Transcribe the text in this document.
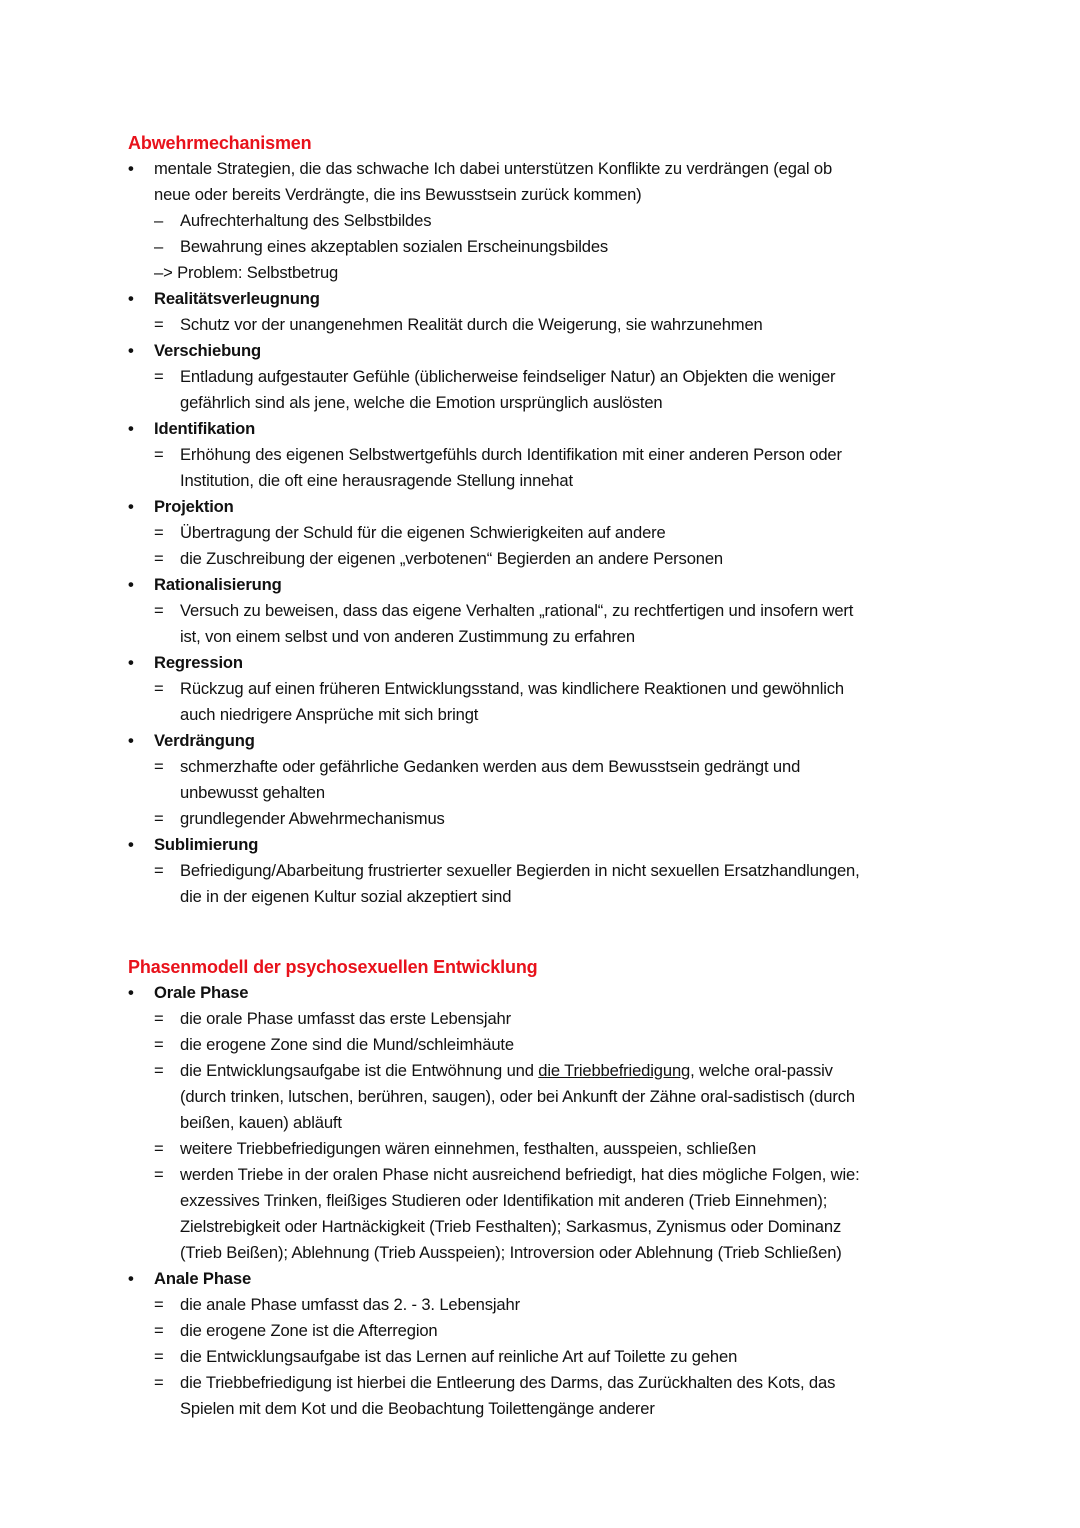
Abwehrmechanismen
• mentale Strategien, die das schwache Ich dabei unterstützen Konflikte zu verdrängen (egal ob
neue oder bereits Verdrängte, die ins Bewusstsein zurück kommen)
– Aufrechterhaltung des Selbstbildes
– Bewahrung eines akzeptablen sozialen Erscheinungsbildes
–> Problem: Selbstbetrug
• Realitätsverleugnung
= Schutz vor der unangenehmen Realität durch die Weigerung, sie wahrzunehmen
• Verschiebung
= Entladung aufgestauter Gefühle (üblicherweise feindseliger Natur) an Objekten die weniger
gefährlich sind als jene, welche die Emotion ursprünglich auslösten
• Identifikation
= Erhöhung des eigenen Selbstwertgefühls durch Identifikation mit einer anderen Person oder
Institution, die oft eine herausragende Stellung innehat
• Projektion
= Übertragung der Schuld für die eigenen Schwierigkeiten auf andere
= die Zuschreibung der eigenen „verbotenen“ Begierden an andere Personen
• Rationalisierung
= Versuch zu beweisen, dass das eigene Verhalten „rational“, zu rechtfertigen und insofern wert
ist, von einem selbst und von anderen Zustimmung zu erfahren
• Regression
= Rückzug auf einen früheren Entwicklungsstand, was kindlichere Reaktionen und gewöhnlich
auch niedrigere Ansprüche mit sich bringt
• Verdrängung
= schmerzhafte oder gefährliche Gedanken werden aus dem Bewusstsein gedrängt und
unbewusst gehalten
= grundlegender Abwehrmechanismus
• Sublimierung
= Befriedigung/Abarbeitung frustrierter sexueller Begierden in nicht sexuellen Ersatzhandlungen,
die in der eigenen Kultur sozial akzeptiert sind
Phasenmodell der psychosexuellen Entwicklung
• Orale Phase
= die orale Phase umfasst das erste Lebensjahr
= die erogene Zone sind die Mund/schleimhäute
= die Entwicklungsaufgabe ist die Entwöhnung und die Triebbefriedigung, welche oral-passiv
(durch trinken, lutschen, berühren, saugen), oder bei Ankunft der Zähne oral-sadistisch (durch
beißen, kauen) abläuft
= weitere Triebbefriedigungen wären einnehmen, festhalten, ausspeien, schließen
= werden Triebe in der oralen Phase nicht ausreichend befriedigt, hat dies mögliche Folgen, wie:
exzessives Trinken, fleißiges Studieren oder Identifikation mit anderen (Trieb Einnehmen);
Zielstrebigkeit oder Hartnäckigkeit (Trieb Festhalten); Sarkasmus, Zynismus oder Dominanz
(Trieb Beißen); Ablehnung (Trieb Ausspeien); Introversion oder Ablehnung (Trieb Schließen)
• Anale Phase
= die anale Phase umfasst das 2. - 3. Lebensjahr
= die erogene Zone ist die Afterregion
= die Entwicklungsaufgabe ist das Lernen auf reinliche Art auf Toilette zu gehen
= die Triebbefriedigung ist hierbei die Entleerung des Darms, das Zurückhalten des Kots, das
Spielen mit dem Kot und die Beobachtung Toilettengänge anderer
